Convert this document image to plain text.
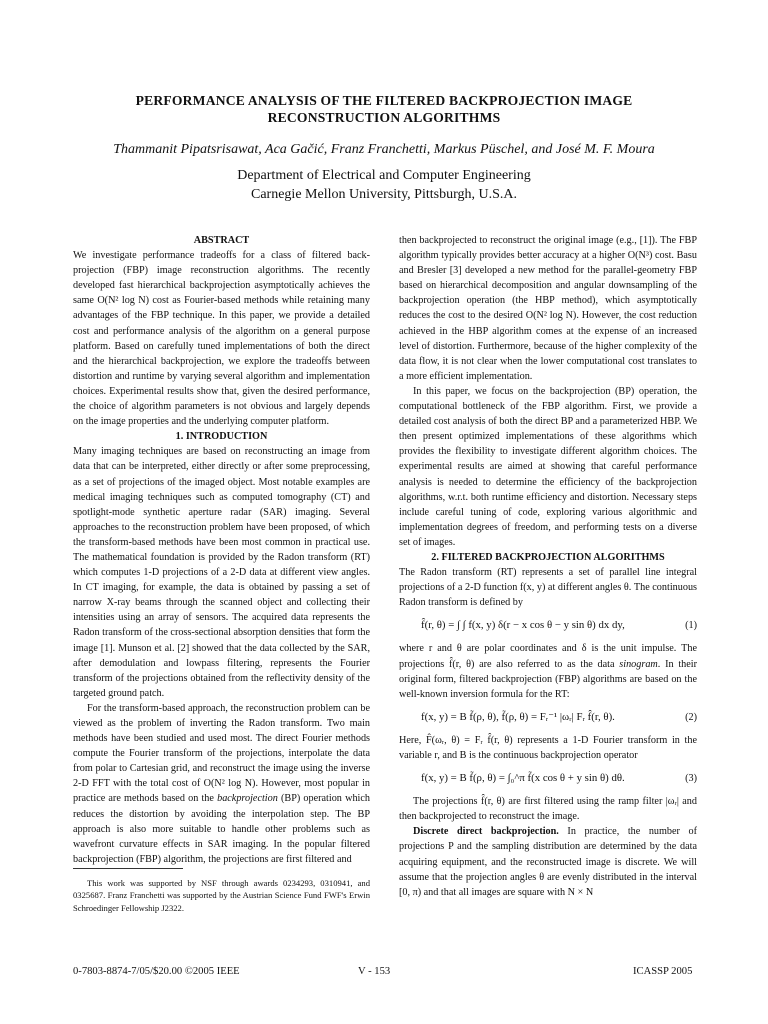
PERFORMANCE ANALYSIS OF THE FILTERED BACKPROJECTION IMAGE
RECONSTRUCTION ALGORITHMS

Thammanit Pipatsrisawat, Aca Gačić, Franz Franchetti, Markus Püschel, and José M. F. Moura

Department of Electrical and Computer Engineering
Carnegie Mellon University, Pittsburgh, U.S.A.

ABSTRACT

We investigate performance tradeoffs for a class of filtered back-projection (FBP) image reconstruction algorithms. The recently developed fast hierarchical backprojection asymptotically achieves the same O(N² log N) cost as Fourier-based methods while retaining many advantages of the FBP technique. In this paper, we provide a detailed cost and performance analysis of the algorithm on a general purpose platform. Based on carefully tuned implementations of both the direct and the hierarchical backprojection, we explore the tradeoffs between distortion and runtime by varying several algorithm and implementation choices. Experimental results show that, given the desired performance, the choice of algorithm parameters is not obvious and largely depends on the image properties and the underlying computer platform.

1. INTRODUCTION

Many imaging techniques are based on reconstructing an image from data that can be interpreted, either directly or after some preprocessing, as a set of projections of the imaged object. Most notable examples are medical imaging techniques such as computed tomography (CT) and spotlight-mode synthetic aperture radar (SAR) imaging. Several approaches to the reconstruction problem have been proposed, of which the transform-based methods have been most common in practical use. The mathematical foundation is provided by the Radon transform (RT) which computes 1-D projections of a 2-D data at different view angles. In CT imaging, for example, the data is obtained by passing a set of narrow X-ray beams through the scanned object and collecting their intensities using an array of sensors. The acquired data represents the Radon transform of the cross-sectional absorption densities that form the image [1]. Munson et al. [2] showed that the data collected by the SAR, after demodulation and lowpass filtering, represents the Fourier transform of the projections obtained from the reflectivity density of the targeted ground patch.

For the transform-based approach, the reconstruction problem can be viewed as the problem of inverting the Radon transform. Two main methods have been studied and used most. The direct Fourier methods compute the Fourier transform of the projections, interpolate the data from polar to Cartesian grid, and reconstruct the image using the inverse 2-D FFT with the total cost of O(N² log N). However, most popular in practice are methods based on the backprojection (BP) operation which reduces the distortion by avoiding the interpolation step. The BP approach is also more suitable to handle other problems such as wavefront curvature effects in SAR imaging. In the popular filtered backprojection (FBP) algorithm, the projections are first filtered and

This work was supported by NSF through awards 0234293, 0310941, and 0325687. Franz Franchetti was supported by the Austrian Science Fund FWF's Erwin Schroedinger Fellowship J2322.

then backprojected to reconstruct the original image (e.g., [1]). The FBP algorithm typically provides better accuracy at a higher O(N³) cost. Basu and Bresler [3] developed a new method for the parallel-geometry FBP based on hierarchical decomposition and angular downsampling of the backprojection operation (the HBP method), which asymptotically reduces the cost to the desired O(N² log N). However, the cost reduction achieved in the HBP algorithm comes at the expense of an increased level of distortion. Furthermore, because of the higher complexity of the data flow, it is not clear when the lower computational cost translates to a more efficient implementation.

In this paper, we focus on the backprojection (BP) operation, the computational bottleneck of the FBP algorithm. First, we provide a detailed cost analysis of both the direct BP and a parameterized HBP. We then present optimized implementations of these algorithms which provides the flexibility to investigate different algorithm choices. The experimental results are aimed at showing that careful performance analysis is needed to determine the efficiency of the backprojection algorithms, w.r.t. both runtime efficiency and distortion. Necessary steps include careful tuning of code, exploring various algorithmic and implementation degrees of freedom, and performing tests on a diverse set of images.

2. FILTERED BACKPROJECTION ALGORITHMS

The Radon transform (RT) represents a set of parallel line integral projections of a 2-D function f(x, y) at different angles θ. The continuous Radon transform is defined by

f̂(r, θ) = ∫ ∫ f(x, y) δ(r − x cos θ − y sin θ) dx dy,	(1)

where r and θ are polar coordinates and δ is the unit impulse. The projections f̂(r, θ) are also referred to as the data sinogram. In their original form, filtered backprojection (FBP) algorithms are based on the well-known inversion formula for the RT:

f(x, y) = B f̃(ρ, θ), f̃(ρ, θ) = Fᵣ⁻¹ |ωᵣ| Fᵣ f̂(r, θ).	(2)

Here, F̂(ωᵣ, θ) = Fᵣ f̂(r, θ) represents a 1-D Fourier transform in the variable r, and B is the continuous backprojection operator

f(x, y) = B f̃(ρ, θ) = ∫₀^π f̃(x cos θ + y sin θ) dθ.	(3)

The projections f̂(r, θ) are first filtered using the ramp filter |ωᵣ| and then backprojected to reconstruct the image.

Discrete direct backprojection. In practice, the number of projections P and the sampling distribution are determined by the data acquiring equipment, and the reconstructed image is discrete. We will assume that the projection angles θ are evenly distributed in the interval [0, π) and that all images are square with N × N

0-7803-8874-7/05/$20.00 ©2005 IEEE	V - 153	ICASSP 2005
